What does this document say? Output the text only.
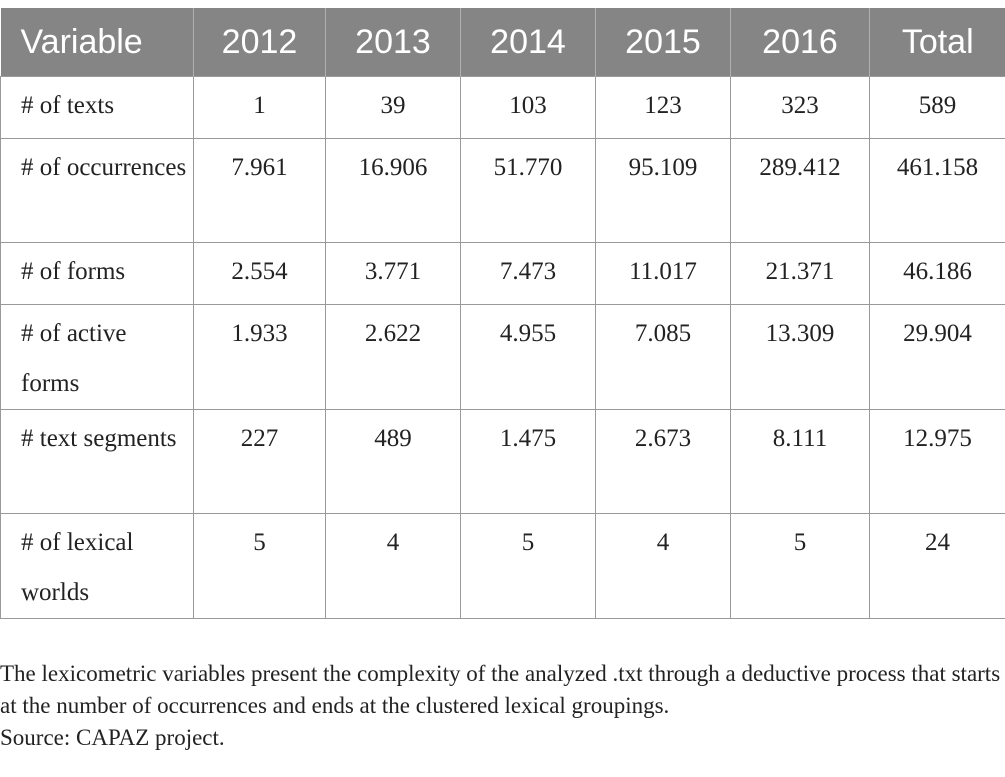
Variable	2012	2013	2014	2015	2016	Total
# of texts	1	39	103	123	323	589
# of occurrences	7.961	16.906	51.770	95.109	289.412	461.158
# of forms	2.554	3.771	7.473	11.017	21.371	46.186
# of active forms	1.933	2.622	4.955	7.085	13.309	29.904
# text segments	227	489	1.475	2.673	8.111	12.975
# of lexical worlds	5	4	5	4	5	24

The lexicometric variables present the complexity of the analyzed .txt through a deductive process that starts at the number of occurrences and ends at the clustered lexical groupings.

Source: CAPAZ project.
